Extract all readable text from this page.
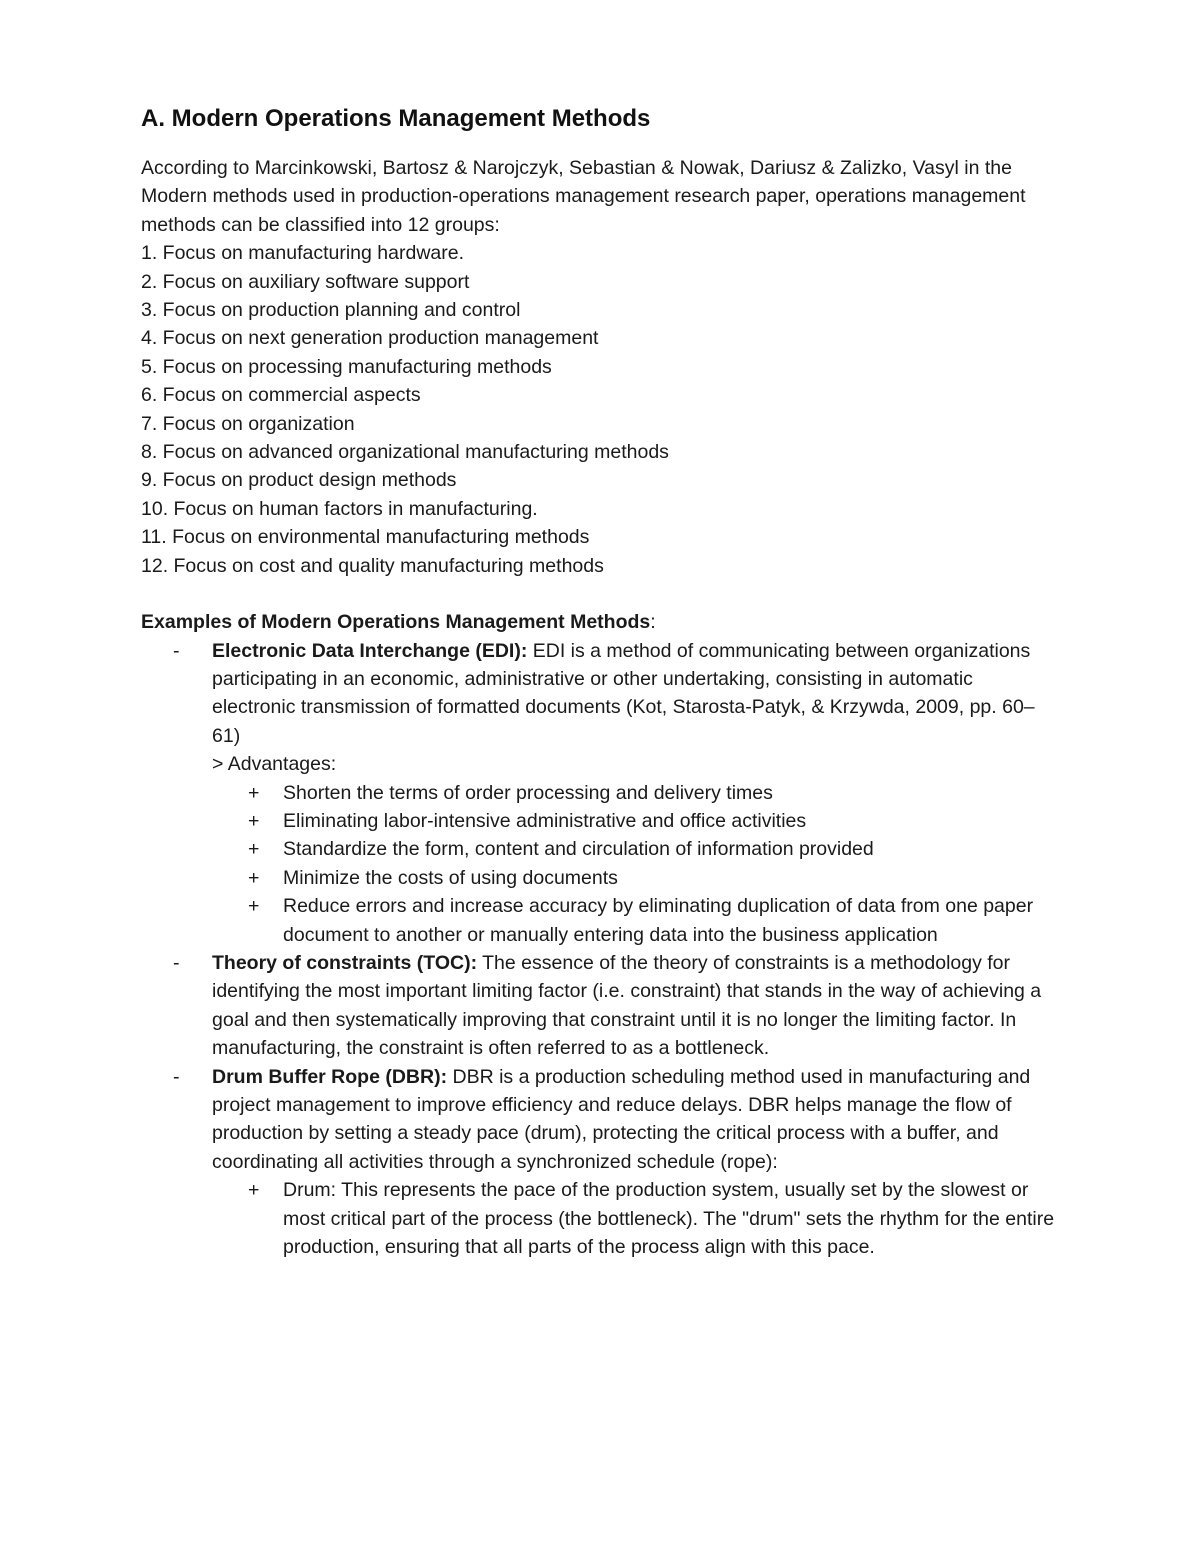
A. Modern Operations Management Methods

According to Marcinkowski, Bartosz & Narojczyk, Sebastian & Nowak, Dariusz & Zalizko, Vasyl in the Modern methods used in production-operations management research paper, operations management methods can be classified into 12 groups:

1. Focus on manufacturing hardware.
2. Focus on auxiliary software support
3. Focus on production planning and control
4. Focus on next generation production management
5. Focus on processing manufacturing methods
6. Focus on commercial aspects
7. Focus on organization
8. Focus on advanced organizational manufacturing methods
9. Focus on product design methods
10. Focus on human factors in manufacturing.
11. Focus on environmental manufacturing methods
12. Focus on cost and quality manufacturing methods

Examples of Modern Operations Management Methods:

- Electronic Data Interchange (EDI): EDI is a method of communicating between organizations participating in an economic, administrative or other undertaking, consisting in automatic electronic transmission of formatted documents (Kot, Starosta-Patyk, & Krzywda, 2009, pp. 60–61)
> Advantages:
+ Shorten the terms of order processing and delivery times
+ Eliminating labor-intensive administrative and office activities
+ Standardize the form, content and circulation of information provided
+ Minimize the costs of using documents
+ Reduce errors and increase accuracy by eliminating duplication of data from one paper document to another or manually entering data into the business application
- Theory of constraints (TOC): The essence of the theory of constraints is a methodology for identifying the most important limiting factor (i.e. constraint) that stands in the way of achieving a goal and then systematically improving that constraint until it is no longer the limiting factor. In manufacturing, the constraint is often referred to as a bottleneck.
- Drum Buffer Rope (DBR): DBR is a production scheduling method used in manufacturing and project management to improve efficiency and reduce delays. DBR helps manage the flow of production by setting a steady pace (drum), protecting the critical process with a buffer, and coordinating all activities through a synchronized schedule (rope):
+ Drum: This represents the pace of the production system, usually set by the slowest or most critical part of the process (the bottleneck). The "drum" sets the rhythm for the entire production, ensuring that all parts of the process align with this pace.
